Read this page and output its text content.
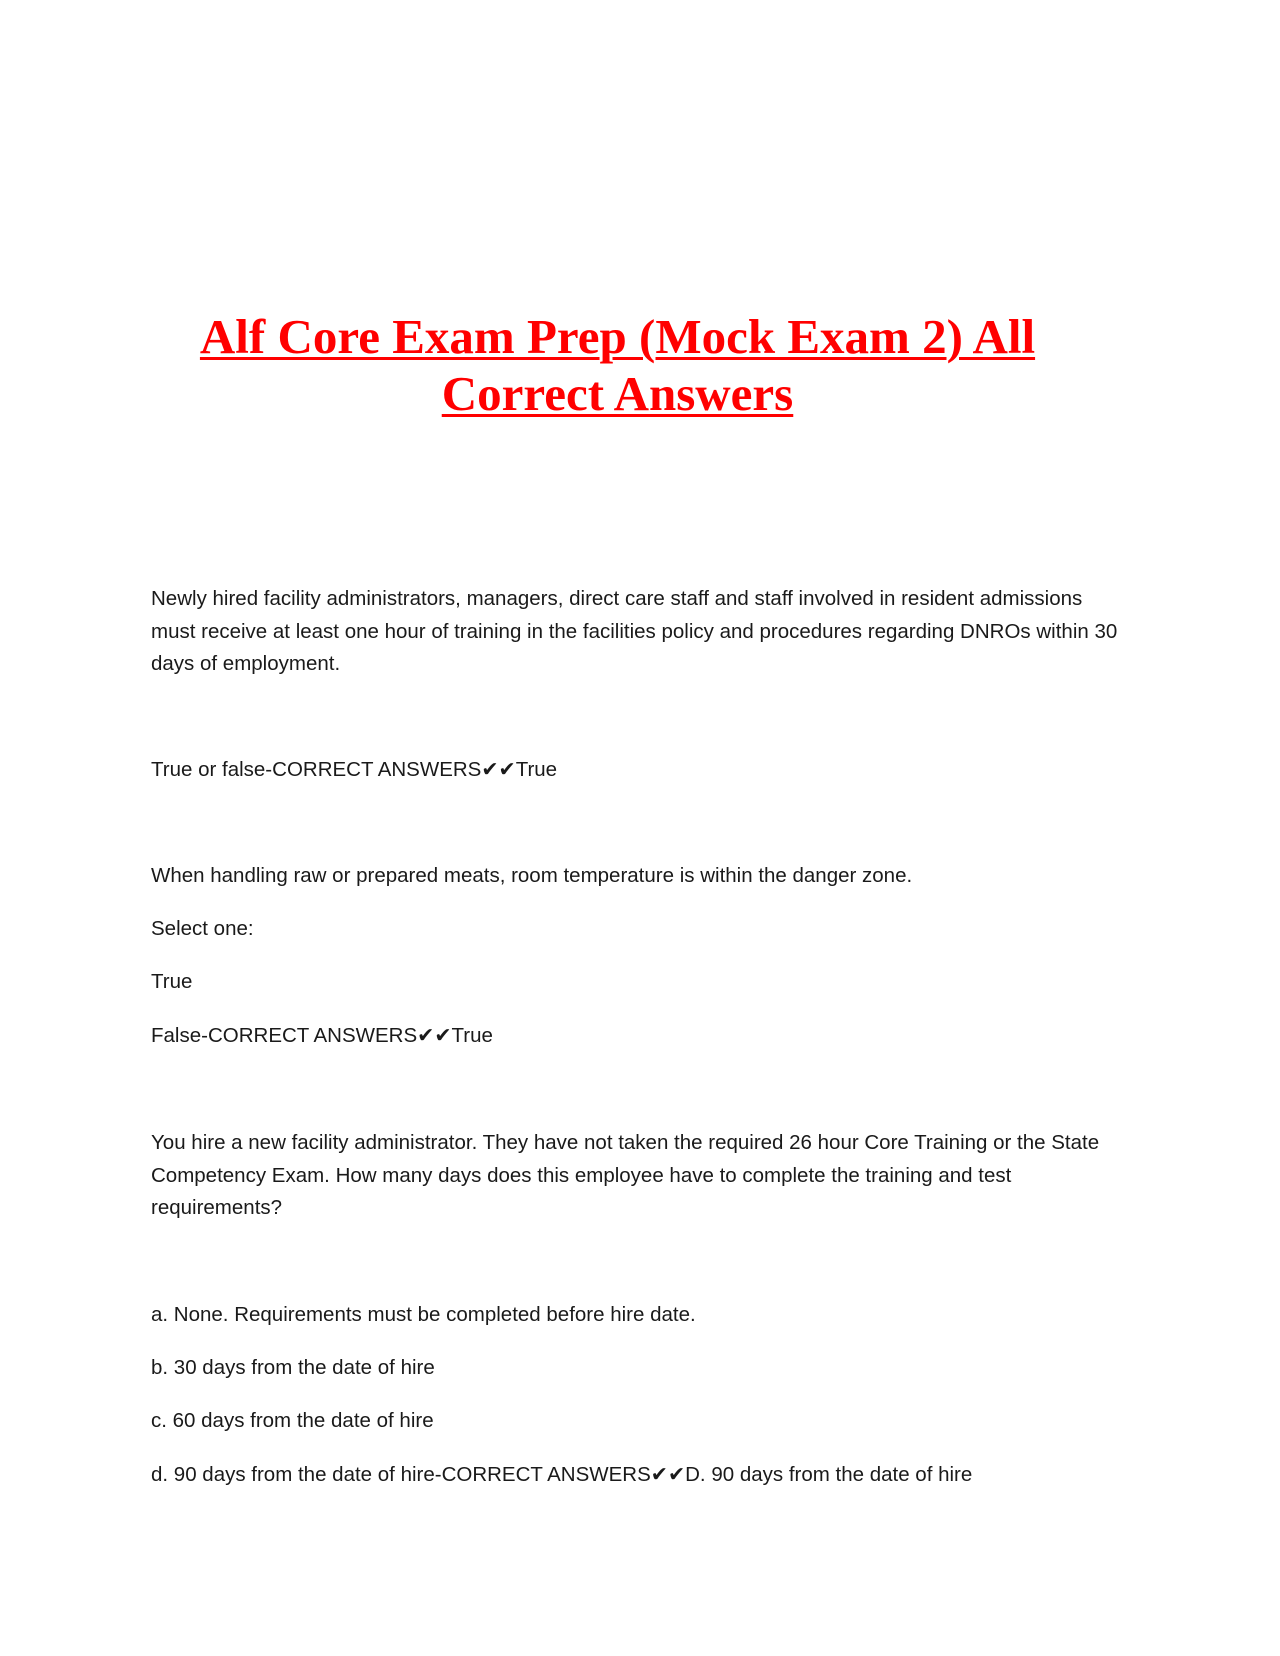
Alf Core Exam Prep (Mock Exam 2) All
Correct Answers

Newly hired facility administrators, managers, direct care staff and staff involved in resident admissions must receive at least one hour of training in the facilities policy and procedures regarding DNROs within 30 days of employment.

True or false-CORRECT ANSWERS✔✔True

When handling raw or prepared meats, room temperature is within the danger zone.

Select one:

True

False-CORRECT ANSWERS✔✔True

You hire a new facility administrator. They have not taken the required 26 hour Core Training or the State Competency Exam. How many days does this employee have to complete the training and test requirements?

a. None. Requirements must be completed before hire date.

b. 30 days from the date of hire

c. 60 days from the date of hire

d. 90 days from the date of hire-CORRECT ANSWERS✔✔D. 90 days from the date of hire
